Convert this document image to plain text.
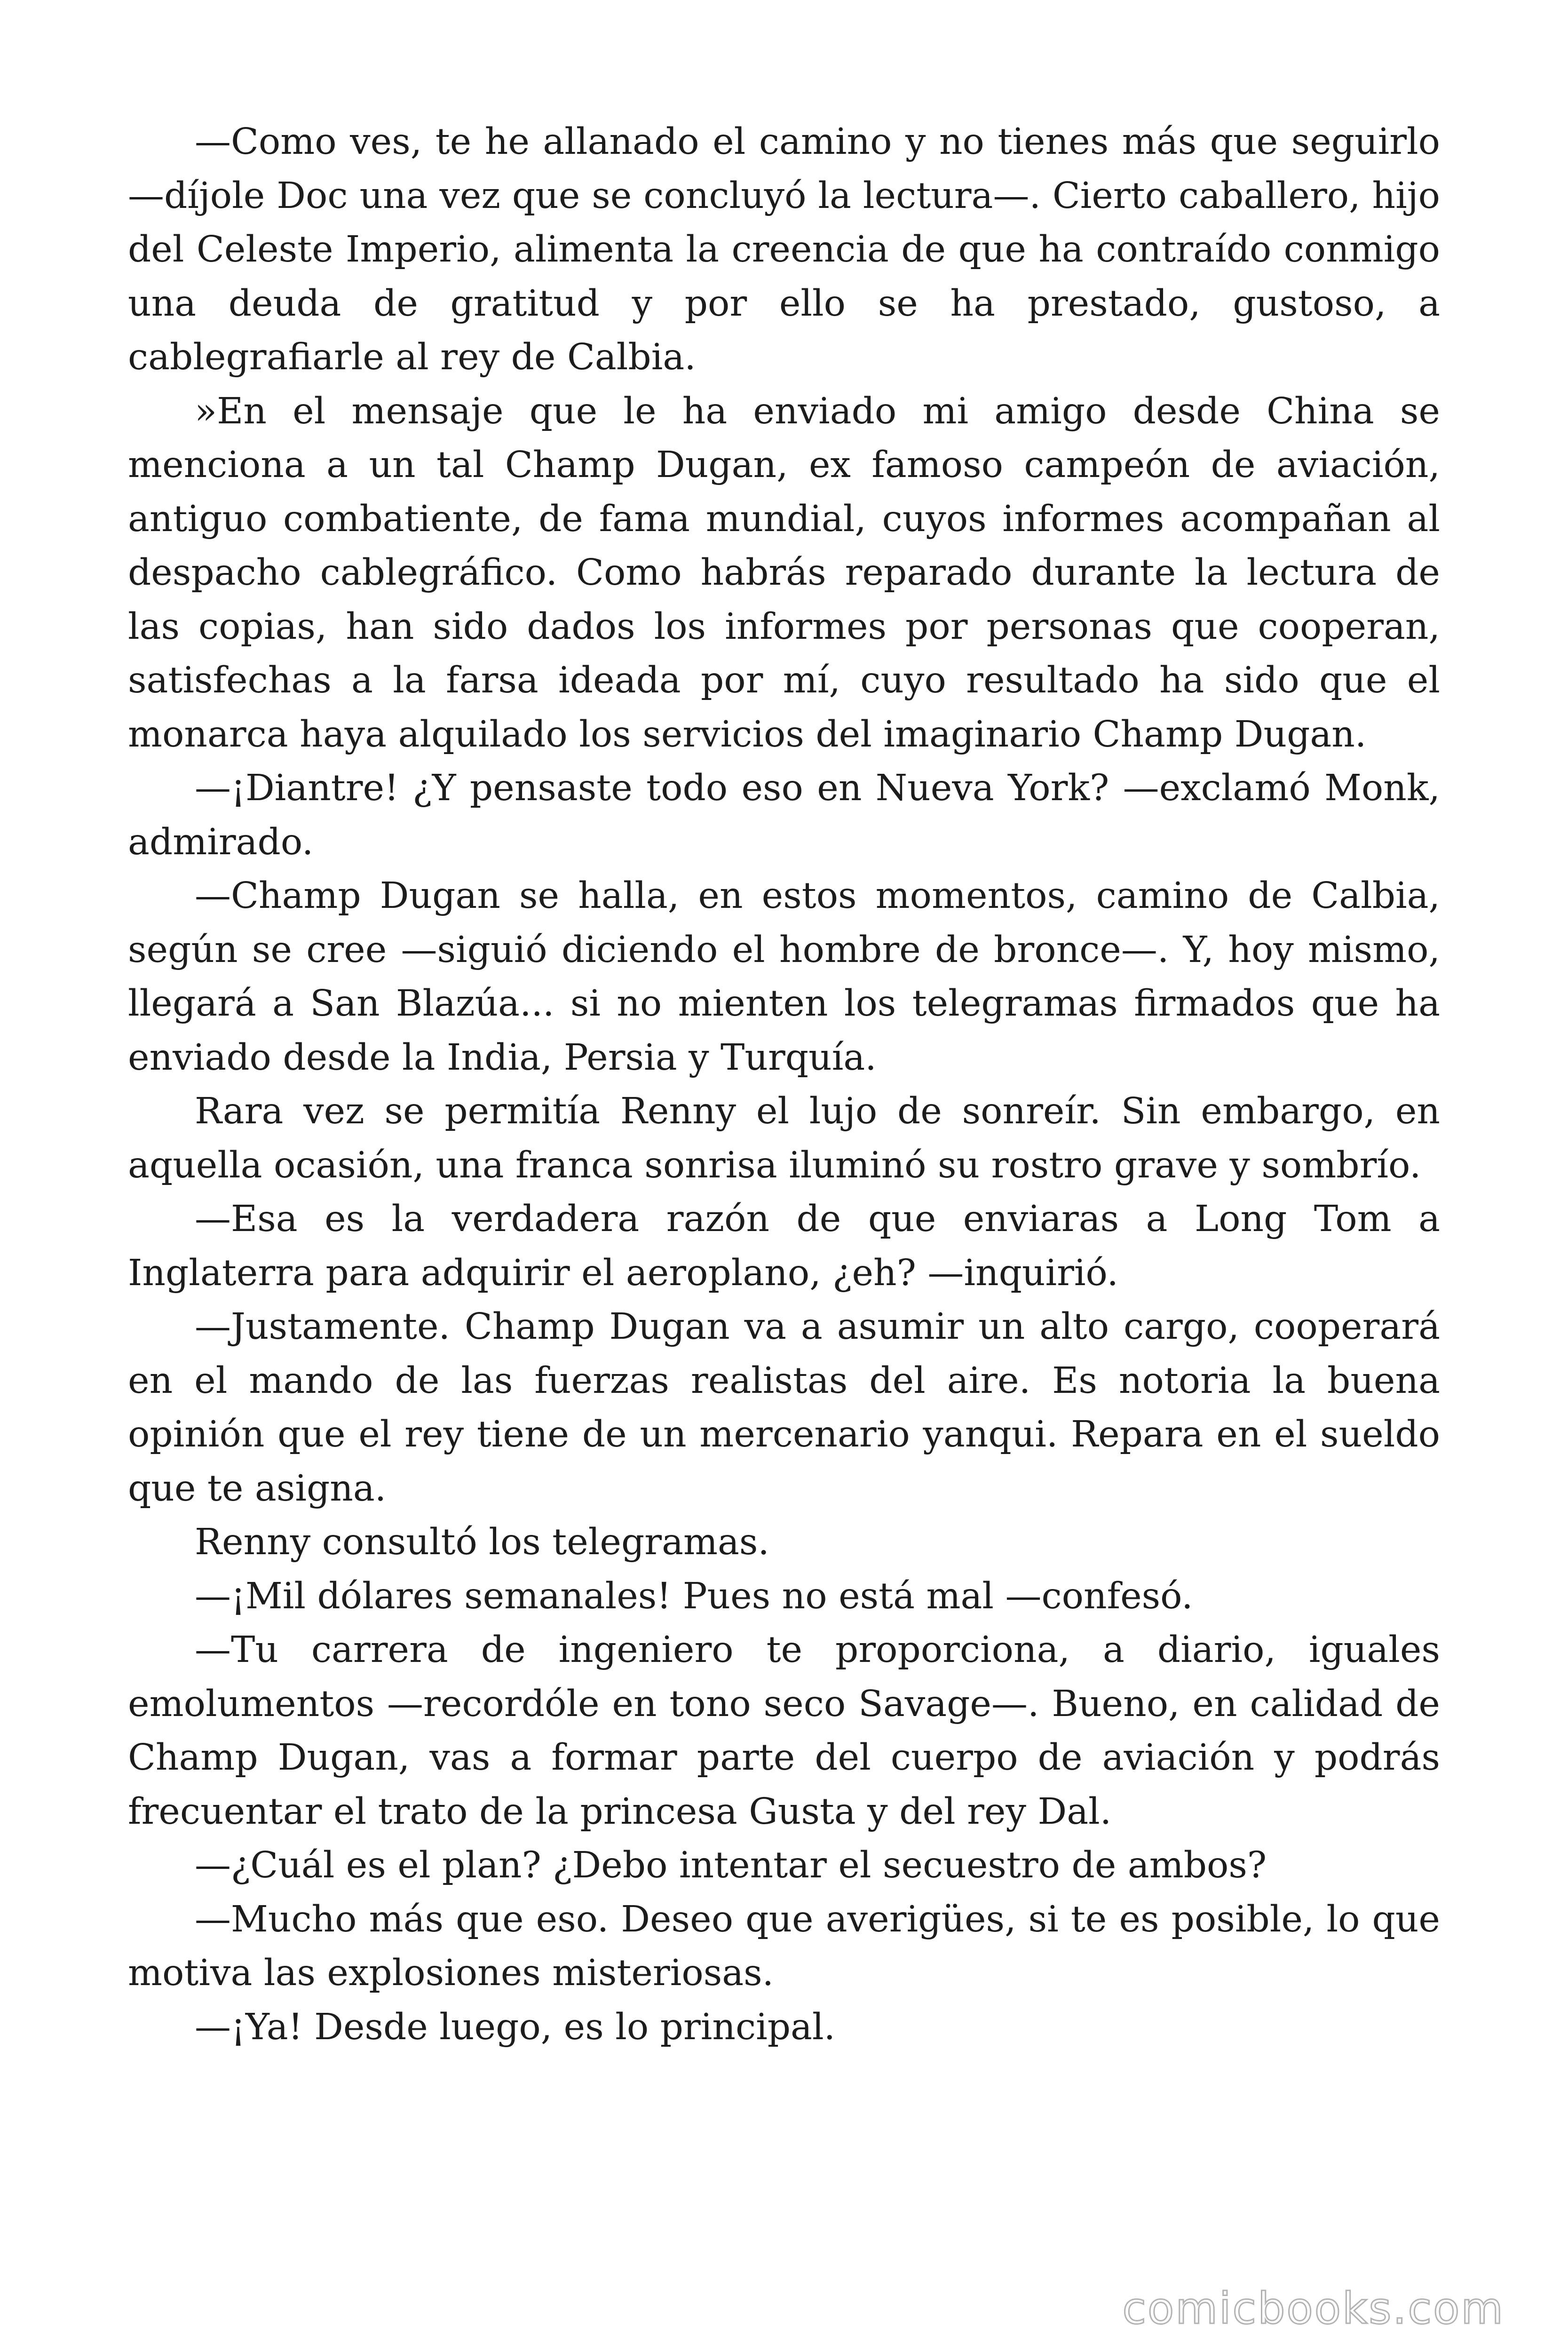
—Como ves, te he allanado el camino y no tienes más que seguirlo —díjole Doc una vez que se concluyó la lectura—. Cierto caballero, hijo del Celeste Imperio, alimenta la creencia de que ha contraído conmigo una deuda de gratitud y por ello se ha prestado, gustoso, a cablegrafiarle al rey de Calbia.

»En el mensaje que le ha enviado mi amigo desde China se menciona a un tal Champ Dugan, ex famoso campeón de aviación, antiguo combatiente, de fama mundial, cuyos informes acompañan al despacho cablegráfico. Como habrás reparado durante la lectura de las copias, han sido dados los informes por personas que cooperan, satisfechas a la farsa ideada por mí, cuyo resultado ha sido que el monarca haya alquilado los servicios del imaginario Champ Dugan.

—¡Diantre! ¿Y pensaste todo eso en Nueva York? —exclamó Monk, admirado.

—Champ Dugan se halla, en estos momentos, camino de Calbia, según se cree —siguió diciendo el hombre de bronce—. Y, hoy mismo, llegará a San Blazúa... si no mienten los telegramas firmados que ha enviado desde la India, Persia y Turquía.

Rara vez se permitía Renny el lujo de sonreír. Sin embargo, en aquella ocasión, una franca sonrisa iluminó su rostro grave y sombrío.

—Esa es la verdadera razón de que enviaras a Long Tom a Inglaterra para adquirir el aeroplano, ¿eh? —inquirió.

—Justamente. Champ Dugan va a asumir un alto cargo, cooperará en el mando de las fuerzas realistas del aire. Es notoria la buena opinión que el rey tiene de un mercenario yanqui. Repara en el sueldo que te asigna.

Renny consultó los telegramas.

—¡Mil dólares semanales! Pues no está mal —confesó.

—Tu carrera de ingeniero te proporciona, a diario, iguales emolumentos —recordóle en tono seco Savage—. Bueno, en calidad de Champ Dugan, vas a formar parte del cuerpo de aviación y podrás frecuentar el trato de la princesa Gusta y del rey Dal.

—¿Cuál es el plan? ¿Debo intentar el secuestro de ambos?

—Mucho más que eso. Deseo que averigües, si te es posible, lo que motiva las explosiones misteriosas.

—¡Ya! Desde luego, es lo principal.

comicbooks.com
